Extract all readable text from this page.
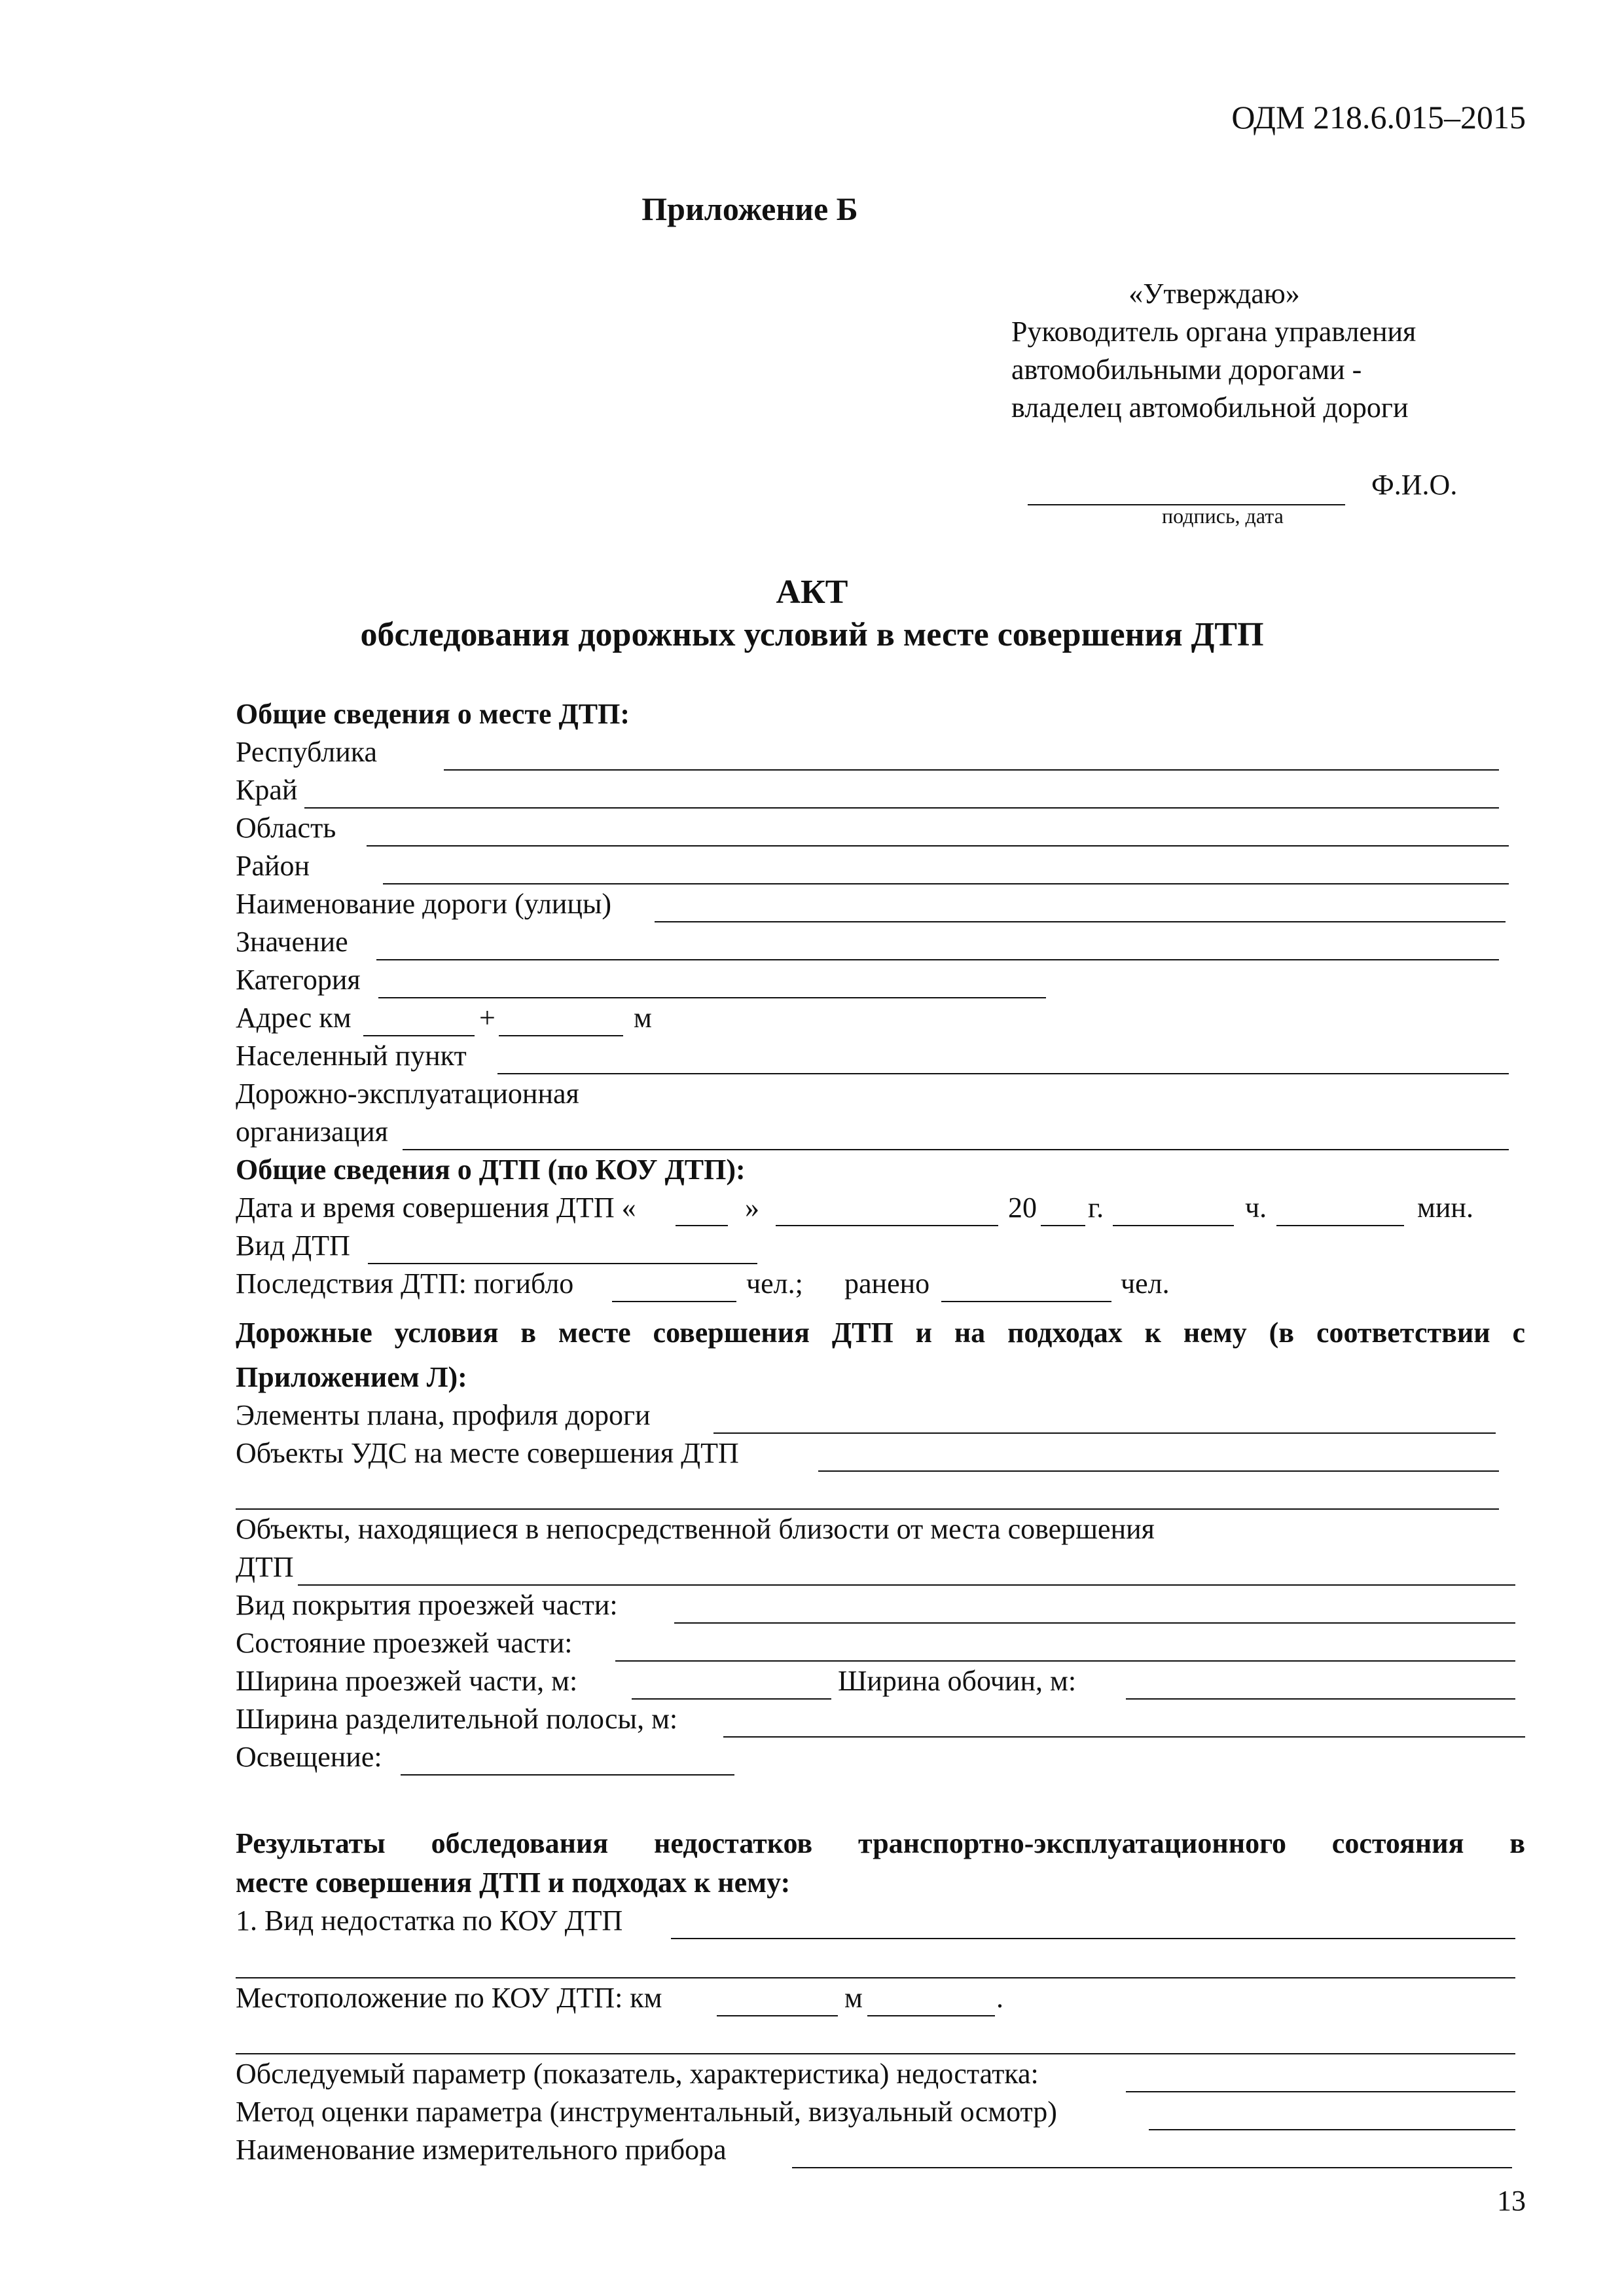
ОДМ 218.6.015–2015
Приложение Б
«Утверждаю»
Руководитель органа управления
автомобильными дорогами -
владелец автомобильной дороги
Ф.И.О.
подпись, дата
АКТ
обследования дорожных условий в месте совершения ДТП
Общие сведения о месте ДТП:
Республика
Край
Область
Район
Наименование дороги (улицы)
Значение
Категория
Адрес км	+	м
Населенный пункт
Дорожно-эксплуатационная
организация
Общие сведения о ДТП (по КОУ ДТП):
Дата и время совершения ДТП «	»	20 г.	ч.	мин.
Вид ДТП
Последствия ДТП: погибло	чел.; ранено	чел.
Дорожные условия в месте совершения ДТП и на подходах к нему (в соответствии с
Приложением Л):
Элементы плана, профиля дороги
Объекты УДС на месте совершения ДТП
Объекты, находящиеся в непосредственной близости от места совершения
ДТП
Вид покрытия проезжей части:
Состояние проезжей части:
Ширина проезжей части, м:	Ширина обочин, м:
Ширина разделительной полосы, м:
Освещение:
Результаты обследования недостатков транспортно-эксплуатационного состояния в
месте совершения ДТП и подходах к нему:
1. Вид недостатка по КОУ ДТП
Местоположение по КОУ ДТП: км	м	.
Обследуемый параметр (показатель, характеристика) недостатка:
Метод оценки параметра (инструментальный, визуальный осмотр)
Наименование измерительного прибора
13
